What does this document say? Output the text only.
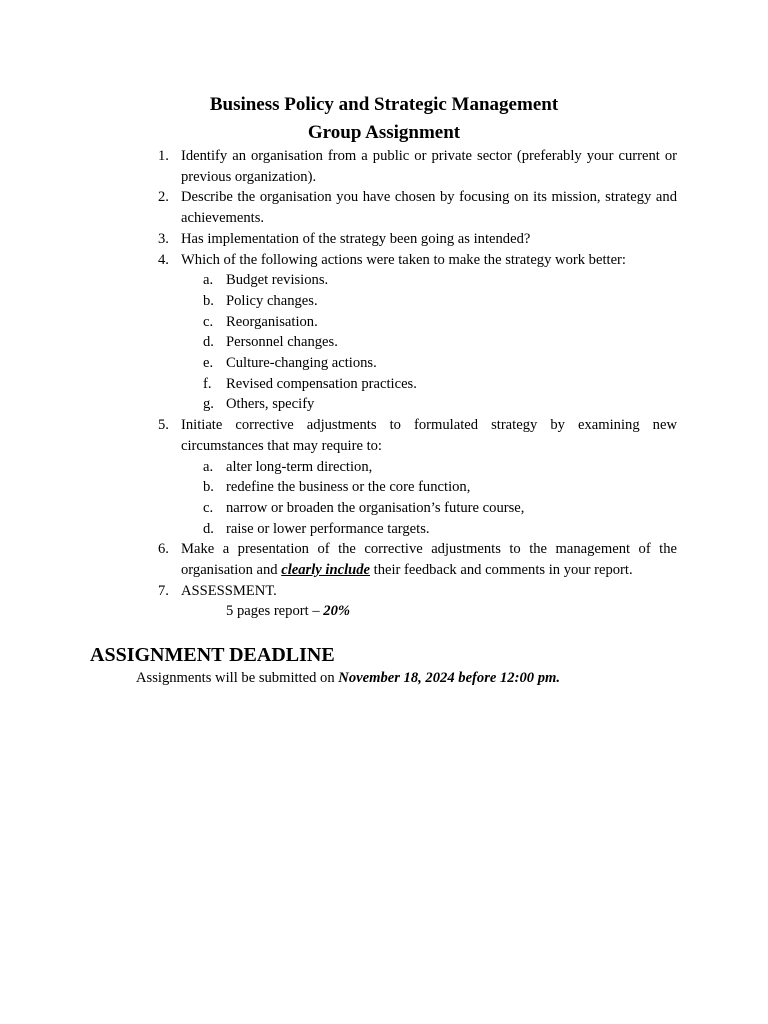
Business Policy and Strategic Management
Group Assignment
1. Identify an organisation from a public or private sector (preferably your current or previous organization).
2. Describe the organisation you have chosen by focusing on its mission, strategy and achievements.
3. Has implementation of the strategy been going as intended?
4. Which of the following actions were taken to make the strategy work better:
a. Budget revisions.
b. Policy changes.
c. Reorganisation.
d. Personnel changes.
e. Culture-changing actions.
f. Revised compensation practices.
g. Others, specify
5. Initiate corrective adjustments to formulated strategy by examining new circumstances that may require to:
a. alter long-term direction,
b. redefine the business or the core function,
c. narrow or broaden the organisation’s future course,
d. raise or lower performance targets.
6. Make a presentation of the corrective adjustments to the management of the organisation and clearly include their feedback and comments in your report.
7. ASSESSMENT.

5 pages report – 20%

ASSIGNMENT DEADLINE

Assignments will be submitted on November 18, 2024 before 12:00 pm.
